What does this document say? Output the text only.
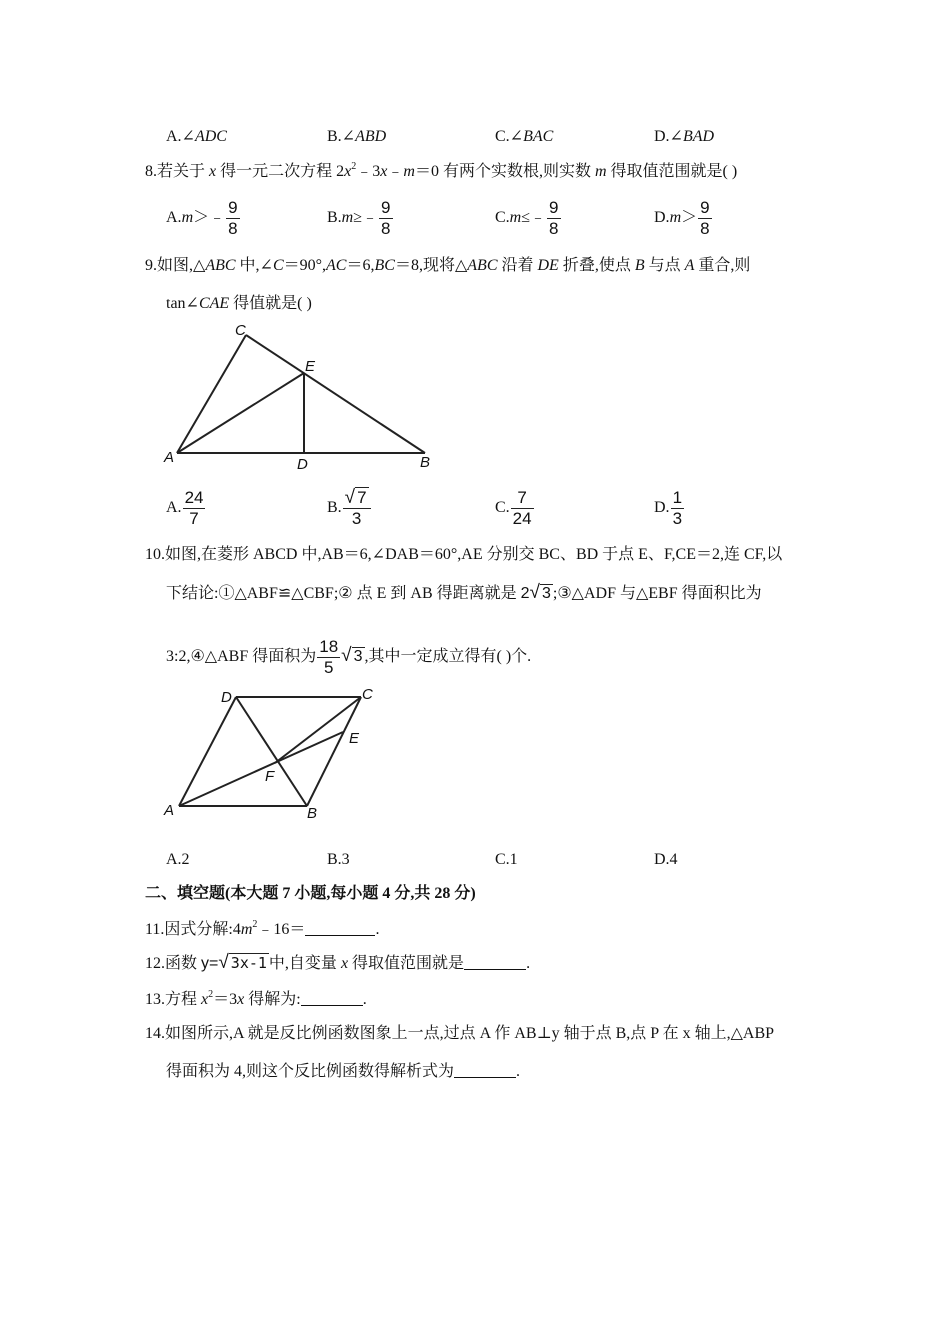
A.∠ADC	B.∠ABD	C.∠BAC	D.∠BAD
8.若关于 x 得一元二次方程 $2x^2﹣3x﹣m=0$ 有两个实数根,则实数 m 得取值范围就是( )
A.m＞﹣ $\frac{9}{8}$	B.m≥﹣ $\frac{9}{8}$	C.m≤﹣ $\frac{9}{8}$	$D.m> \frac{9}{8}$
9.如图,△ABC 中,∠C＝90°,AC＝6,BC＝8,现将△ABC 沿着 DE 折叠,使点 B 与点 A 重合,则
tan∠CAE 得值就是( )
C
E
A	D	B
A. $\frac{24}{7}$	B. $\frac{√ 7}{3}$	C. $\frac{7}{24}$	D. $\frac{1}{3}$
10.如图,在菱形 ABCD 中,AB＝6,∠DAB＝60°,AE 分别交 BC、BD 于点 E、F,CE＝2,连 CF,以
下结论:①△ABF≌△CBF;② 点 E 到 AB 得距离就是 2√ 3 ;③△ADF 与△EBF 得面积比为
3:2,④△ABF 得面积为 $\frac{18}{5}$ √ 3 ,其中一定成立得有( )个.
D	C
E
F
A	B
A.2	B.3	C.1	D.4
二、填空题(本大题 7 小题,每小题 4 分,共 28 分)
11.因式分解$:4m^2﹣16=$	.
12.函数 y=√ 3x-1 中,自变量 x 得取值范围就是	.
13.方程 $x^2=3x$ 得解为:	.
14.如图所示,A 就是反比例函数图象上一点,过点 A 作 AB⊥y 轴于点 B,点 P 在 x 轴上,△ABP
得面积为 4,则这个反比例函数得解析式为	.
